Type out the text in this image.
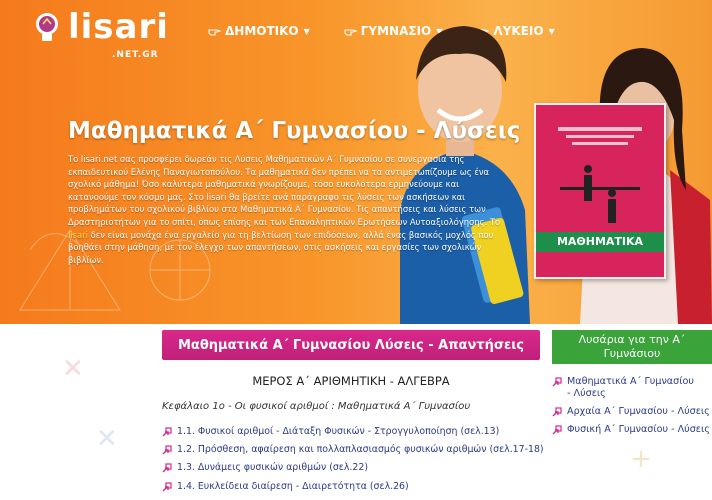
lisari
.NET.GR
ΔΗΜΟΤΙΚΟ ▼	ΓΥΜΝΑΣΙΟ ▼	ΛΥΚΕΙΟ ▼
ΜΑΘΗΜΑΤΙΚΑ
Μαθηματικά Α΄ Γυμνασίου - Λύσεις
Το lisari.net σας προσφέρει δωρεάν τις Λύσεις Μαθηματικών Α΄ Γυμνασίου σε συνεργασία της εκπαιδευτικού Ελένης Παναγιωτοπούλου. Τα μαθηματικά δεν πρέπει να τα αντιμετωπίζουμε ως ένα σχολικό μάθημα! Όσο καλύτερα μαθηματικά γνωρίζουμε, τόσο ευκολότερα ερμηνεύουμε και κατανοούμε τον κόσμο μας. Στο lisari θα βρείτε ανά παράγραφο τις λύσεις των ασκήσεων και προβλημάτων του σχολικού βιβλίου στα Μαθηματικά Α΄ Γυμνασίου. Τις απαντήσεις και λύσεις των Δραστηριοτήτων για το σπίτι, όπως επίσης και των Επαναληπτικών Ερωτήσεων Αυτοαξιολόγησης. Το lisari δεν είναι μονάχα ένα εργαλείο για τη βελτίωση των επιδόσεων, αλλά ένας βασικός μοχλός που βοηθάει στην μάθηση, με τον έλεγχο των απαντήσεων, στις ασκήσεις και εργασίες των σχολικών βιβλίων.
✕
✕
+
Μαθηματικά Α΄ Γυμνασίου Λύσεις - Απαντήσεις
ΜΕΡΟΣ Α΄ ΑΡΙΘΜΗΤΙΚΗ - ΑΛΓΕΒΡΑ
Κεφάλαιο 1ο - Οι φυσικοί αριθμοί : Μαθηματικά Α΄ Γυμνασίου
1.1. Φυσικοί αριθμοί - Διάταξη Φυσικών - Στρογγυλοποίηση (σελ.13)
1.2. Πρόσθεση, αφαίρεση και πολλαπλασιασμός φυσικών αριθμών (σελ.17-18)
1.3. Δυνάμεις φυσικών αριθμών (σελ.22)
1.4. Ευκλείδεια διαίρεση - Διαιρετότητα (σελ.26)
Λυσάρια για την Α΄ Γυμνάσιου
Μαθηματικά Α΄ Γυμνασίου - Λύσεις
Αρχαία Α΄ Γυμνασίου - Λύσεις
Φυσική Α΄ Γυμνασίου - Λύσεις
